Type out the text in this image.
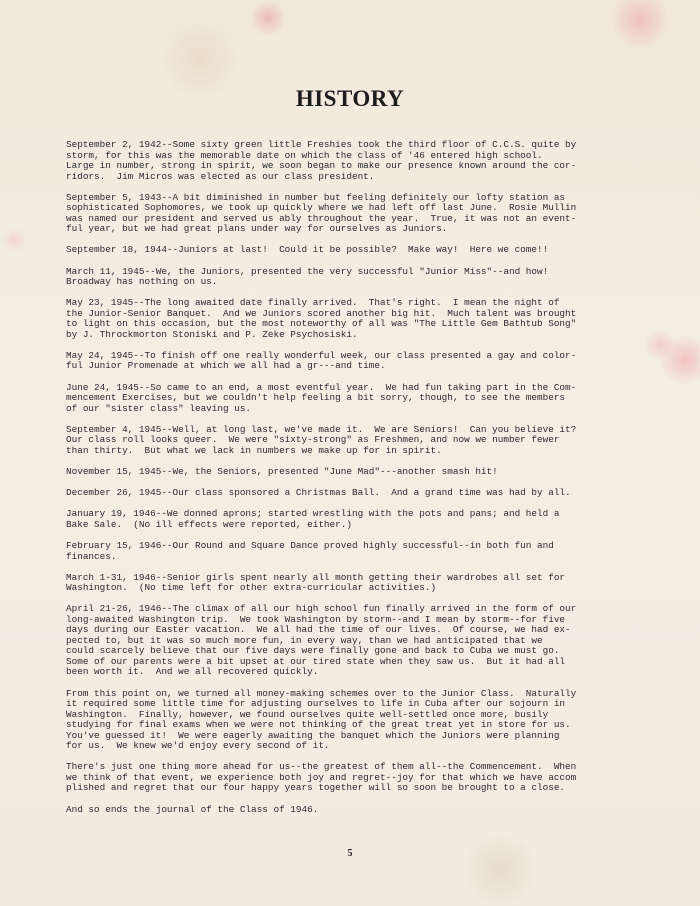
HISTORY
September 2, 1942--Some sixty green little Freshies took the third floor of C.C.S. quite by
storm, for this was the memorable date on which the class of '46 entered high school.
Large in number, strong in spirit, we soon began to make our presence known around the cor-
ridors.  Jim Micros was elected as our class president.
September 5, 1943--A bit diminished in number but feeling definitely our lofty station as
sophisticated Sophomores, we took up quickly where we had left off last June.  Rosie Mullin
was named our president and served us ably throughout the year.  True, it was not an event-
ful year, but we had great plans under way for ourselves as Juniors.
September 18, 1944--Juniors at last!  Could it be possible?  Make way!  Here we come!!
March 11, 1945--We, the Juniors, presented the very successful "Junior Miss"--and how!
Broadway has nothing on us.
May 23, 1945--The long awaited date finally arrived.  That's right.  I mean the night of
the Junior-Senior Banquet.  And we Juniors scored another big hit.  Much talent was brought
to light on this occasion, but the most noteworthy of all was "The Little Gem Bathtub Song"
by J. Throckmorton Stoniski and P. Zeke Psychosiski.
May 24, 1945--To finish off one really wonderful week, our class presented a gay and color-
ful Junior Promenade at which we all had a gr---and time.
June 24, 1945--So came to an end, a most eventful year.  We had fun taking part in the Com-
mencement Exercises, but we couldn't help feeling a bit sorry, though, to see the members
of our "sister class" leaving us.
September 4, 1945--Well, at long last, we've made it.  We are Seniors!  Can you believe it?
Our class roll looks queer.  We were "sixty-strong" as Freshmen, and now we number fewer
than thirty.  But what we lack in numbers we make up for in spirit.
November 15, 1945--We, the Seniors, presented "June Mad"---another smash hit!
December 26, 1945--Our class sponsored a Christmas Ball.  And a grand time was had by all.
January 19, 1946--We donned aprons; started wrestling with the pots and pans; and held a
Bake Sale.  (No ill effects were reported, either.)
February 15, 1946--Our Round and Square Dance proved highly successful--in both fun and
finances.
March 1-31, 1946--Senior girls spent nearly all month getting their wardrobes all set for
Washington.  (No time left for other extra-curricular activities.)
April 21-26, 1946--The climax of all our high school fun finally arrived in the form of our
long-awaited Washington trip.  We took Washington by storm--and I mean by storm--for five
days during our Easter vacation.  We all had the time of our lives.  Of course, we had ex-
pected to, but it was so much more fun, in every way, than we had anticipated that we
could scarcely believe that our five days were finally gone and back to Cuba we must go.
Some of our parents were a bit upset at our tired state when they saw us.  But it had all
been worth it.  And we all recovered quickly.
From this point on, we turned all money-making schemes over to the Junior Class.  Naturally
it required some little time for adjusting ourselves to life in Cuba after our sojourn in
Washington.  Finally, however, we found ourselves quite well-settled once more, busily
studying for final exams when we were not thinking of the great treat yet in store for us.
You've guessed it!  We were eagerly awaiting the banquet which the Juniors were planning
for us.  We knew we'd enjoy every second of it.
There's just one thing more ahead for us--the greatest of them all--the Commencement.  When
we think of that event, we experience both joy and regret--joy for that which we have accom
plished and regret that our four happy years together will so soon be brought to a close.
And so ends the journal of the Class of 1946.
5
